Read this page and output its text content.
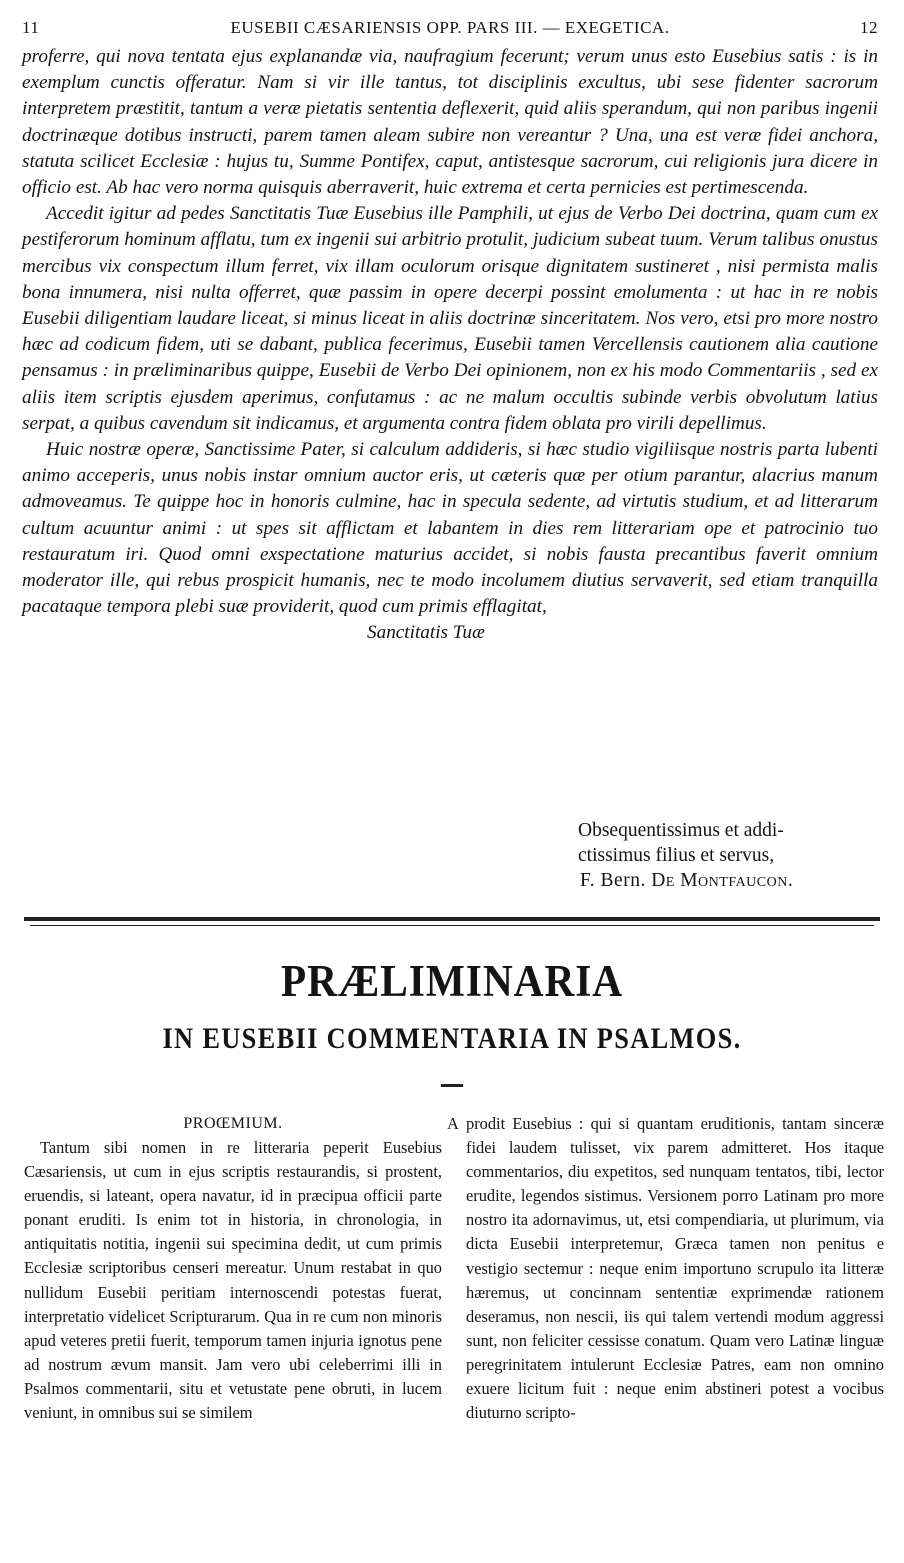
11	EUSEBII CÆSARIENSIS OPP. PARS III. — EXEGETICA.	12

proferre, qui nova tentata ejus explanandæ via, naufragium fecerunt; verum unus esto Eusebius satis : is in exemplum cunctis offeratur. Nam si vir ille tantus, tot disciplinis excultus, ubi sese fidenter sacrorum interpretem præstitit, tantum a veræ pietatis sententia deflexerit, quid aliis sperandum, qui non paribus ingenii doctrinæque dotibus instructi, parem tamen aleam subire non vereantur ? Una, una est veræ fidei anchora, statuta scilicet Ecclesiæ : hujus tu, Summe Pontifex, caput, antistesque sacrorum, cui religionis jura dicere in officio est. Ab hac vero norma quisquis aberraverit, huic extrema et certa pernicies est pertimescenda.

Accedit igitur ad pedes Sanctitatis Tuæ Eusebius ille Pamphili, ut ejus de Verbo Dei doctrina, quam cum ex pestiferorum hominum afflatu, tum ex ingenii sui arbitrio protulit, judicium subeat tuum. Verum talibus onustus mercibus vix conspectum illum ferret, vix illam oculorum orisque dignitatem sustineret , nisi permista malis bona innumera, nisi nulta offerret, quæ passim in opere decerpi possint emolumenta : ut hac in re nobis Eusebii diligentiam laudare liceat, si minus liceat in aliis doctrinæ sinceritatem. Nos vero, etsi pro more nostro hæc ad codicum fidem, uti se dabant, publica fecerimus, Eusebii tamen Vercellensis cautionem alia cautione pensamus : in præliminaribus quippe, Eusebii de Verbo Dei opinionem, non ex his modo Commentariis , sed ex aliis item scriptis ejusdem aperimus, confutamus : ac ne malum occultis subinde verbis obvolutum latius serpat, a quibus cavendum sit indicamus, et argumenta contra fidem oblata pro virili depellimus.

Huic nostræ operæ, Sanctissime Pater, si calculum addideris, si hæc studio vigiliisque nostris parta lubenti animo acceperis, unus nobis instar omnium auctor eris, ut cæteris quæ per otium parantur, alacrius manum admoveamus. Te quippe hoc in honoris culmine, hac in specula sedente, ad virtutis studium, et ad litterarum cultum acuuntur animi : ut spes sit afflictam et labantem in dies rem litterariam ope et patrocinio tuo restauratum iri. Quod omni exspectatione maturius accidet, si nobis fausta precantibus faverit omnium moderator ille, qui rebus prospicit humanis, nec te modo incolumem diutius servaverit, sed etiam tranquilla pacataque tempora plebi suæ providerit, quod cum primis efflagitat,

Sanctitatis Tuæ

Obsequentissimus et addi-
ctissimus filius et servus,
F. Bern. De Montfaucon.
PRÆLIMINARIA
IN EUSEBII COMMENTARIA IN PSALMOS.

PROŒMIUM.

Tantum sibi nomen in re litteraria peperit Eusebius Cæsariensis, ut cum in ejus scriptis restaurandis, si prostent, eruendis, si lateant, opera navatur, id in præcipua officii parte ponant eruditi. Is enim tot in historia, in chronologia, in antiquitatis notitia, ingenii sui specimina dedit, ut cum primis Ecclesiæ scriptoribus censeri mereatur. Unum restabat in quo nullidum Eusebii peritiam internoscendi potestas fuerat, interpretatio videlicet Scripturarum. Qua in re cum non minoris apud veteres pretii fuerit, temporum tamen injuria ignotus pene ad nostrum ævum mansit. Jam vero ubi celeberrimi illi in Psalmos commentarii, situ et vetustate pene obruti, in lucem veniunt, in omnibus sui se similem

A prodit Eusebius : qui si quantam eruditionis, tantam sinceræ fidei laudem tulisset, vix parem admitteret. Hos itaque commentarios, diu expetitos, sed nunquam tentatos, tibi, lector erudite, legendos sistimus. Versionem porro Latinam pro more nostro ita adornavimus, ut, etsi compendiaria, ut plurimum, via dicta Eusebii interpretemur, Græca tamen non penitus e vestigio sectemur : neque enim importuno scrupulo ita litteræ hæremus, ut concinnam sententiæ exprimendæ rationem deseramus, non nescii, iis qui talem vertendi modum aggressi sunt, non feliciter cessisse conatum. Quam vero Latinæ linguæ peregrinitatem intulerunt Ecclesiæ Patres, eam non omnino exuere licitum fuit : neque enim abstineri potest a vocibus diuturno scripto-
